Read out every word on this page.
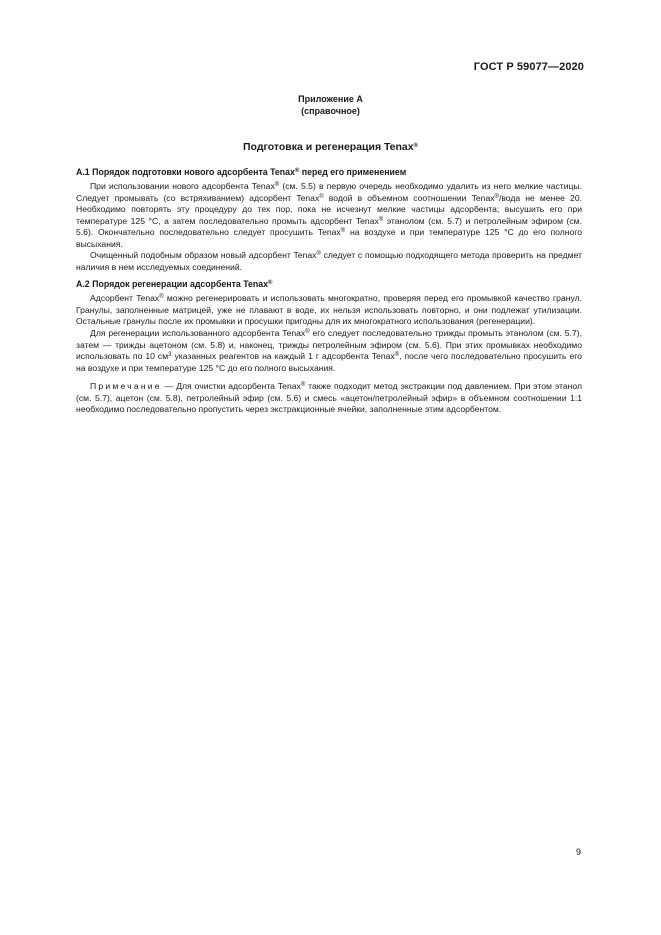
ГОСТ Р 59077—2020
Приложение А
(справочное)
Подготовка и регенерация Tenax®
А.1 Порядок подготовки нового адсорбента Tenax® перед его применением

При использовании нового адсорбента Tenax® (см. 5.5) в первую очередь необходимо удалить из него мелкие частицы. Следует промывать (со встряхиванием) адсорбент Tenax® водой в объемном соотношении Tenax®/вода не менее 20. Необходимо повторять эту процедуру до тех пор, пока не исчезнут мелкие частицы адсорбента; высушить его при температуре 125 °C, а затем последовательно промыть адсорбент Tenax® этанолом (см. 5.7) и петролейным эфиром (см. 5.6). Окончательно последовательно следует просушить Tenax® на воздухе и при температуре 125 °C до его полного высыхания.

Очищенный подобным образом новый адсорбент Tenax® следует с помощью подходящего метода проверить на предмет наличия в нем исследуемых соединений.

А.2 Порядок регенерации адсорбента Tenax®

Адсорбент Tenax® можно регенерировать и использовать многократно, проверяя перед его промывкой качество гранул. Гранулы, заполненные матрицей, уже не плавают в воде, их нельзя использовать повторно, и они подлежат утилизации. Остальные гранулы после их промывки и просушки пригодны для их многократного использования (регенерации).

Для регенерации использованного адсорбента Tenax® его следует последовательно трижды промыть этанолом (см. 5.7), затем — трижды ацетоном (см. 5.8) и, наконец, трижды петролейным эфиром (см. 5.6). При этих промывках необходимо использовать по 10 $см^3$ указанных реагентов на каждый 1 г адсорбента Tenax®, после чего последовательно просушить его на воздухе и при температуре 125 °C до его полного высыхания.

Примечание — Для очистки адсорбента Tenax® также подходит метод экстракции под давлением. При этом этанол (см. 5.7), ацетон (см. 5.8), петролейный эфир (см. 5.6) и смесь «ацетон/петролейный эфир» в объемном соотношении 1:1 необходимо последовательно пропустить через экстракционные ячейки, заполненные этим адсорбентом.

9
